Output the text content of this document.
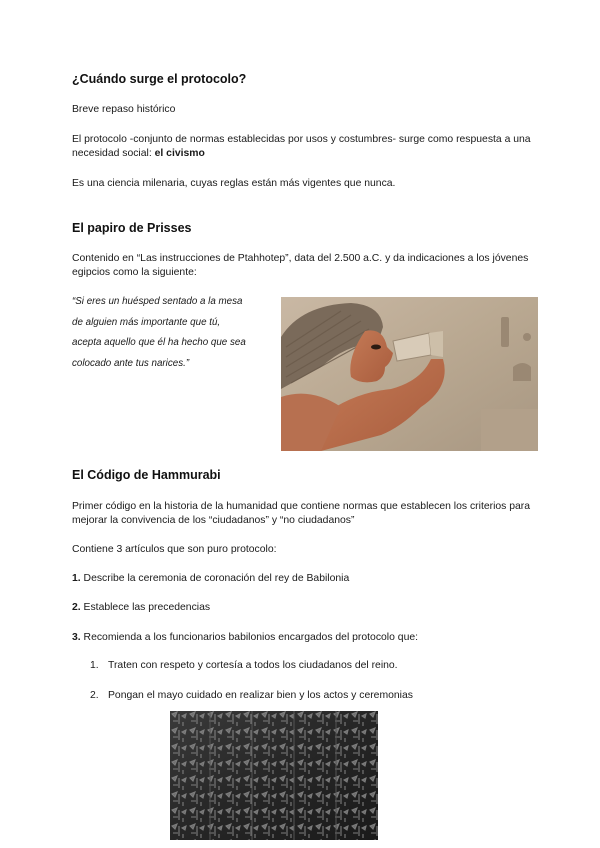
¿Cuándo surge el protocolo?

Breve repaso histórico

El protocolo -conjunto de normas establecidas por usos y costumbres- surge como respuesta a una necesidad social: el civismo

Es una ciencia milenaria, cuyas reglas están más vigentes que nunca.

El papiro de Prisses

Contenido en “Las instrucciones de Ptahhotep”, data del 2.500 a.C. y da indicaciones a los jóvenes egipcios como la siguiente:

“Si eres un huésped sentado a la mesa
de alguien más importante que tú,
acepta aquello que él ha hecho que sea
colocado ante tus narices.”
El Código de Hammurabi

Primer código en la historia de la humanidad que contiene normas que establecen los criterios para mejorar la convivencia de los “ciudadanos” y “no ciudadanos”

Contiene 3 artículos que son puro protocolo:

1. Describe la ceremonia de coronación del rey de Babilonia

2. Establece las precedencias

3. Recomienda a los funcionarios babilonios encargados del protocolo que:

1. Traten con respeto y cortesía a todos los ciudadanos del reino.
2. Pongan el mayo cuidado en realizar bien y los actos y ceremonias
